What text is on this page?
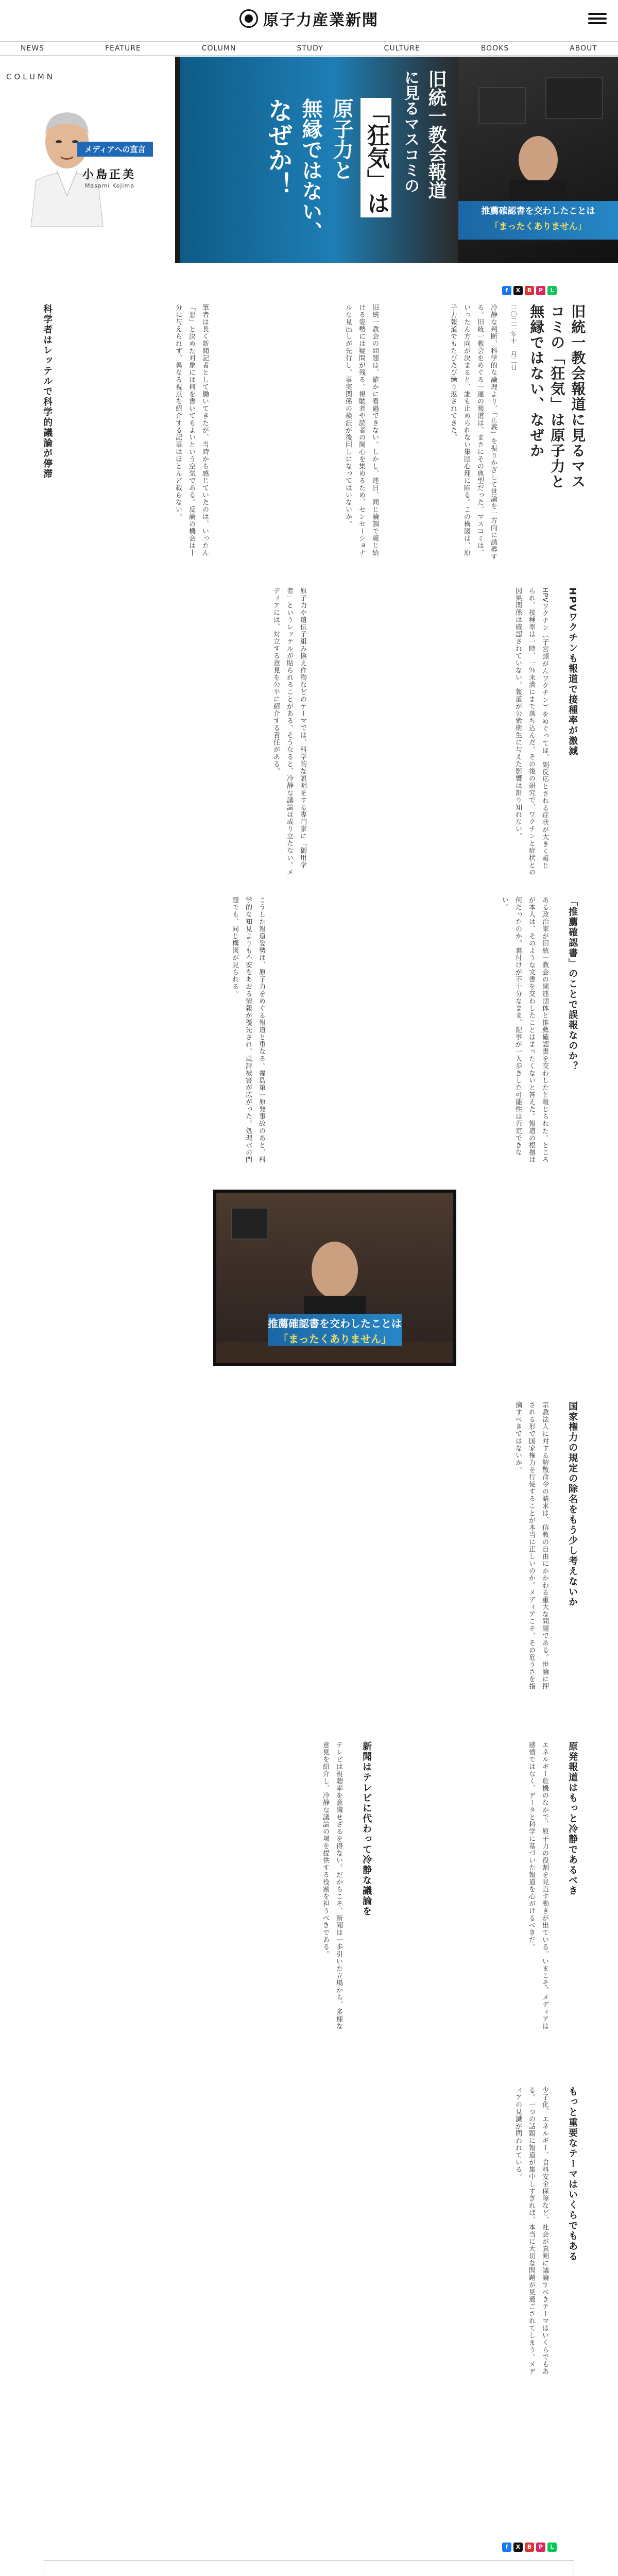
原子力産業新聞
NEWS	FEATURE	COLUMN	STUDY	CULTURE	BOOKS	ABOUT
COLUMN
メディアへの直言
小島正美
Masami Kojima	旧統一教会報道
に見るマスコミの
「狂気」は
原子力と
無縁ではない、
なぜか！
推薦確認書を交わしたことは
「まったくありません」
f	X	B	P	L
旧統一教会報道に見るマスコミの「狂気」は原子力と無縁ではない、なぜか
二〇二二年十一月二日

冷静な判断、科学的な論理より、「正義」を振りかざして世論を一方向に誘導する。旧統一教会をめぐる一連の報道は、まさにその典型だった。マスコミは、いったん方向が決まると、誰も止められない集団心理に陥る。この構図は、原子力報道でもたびたび繰り返されてきた。

旧統一教会の問題は、確かに看過できない。しかし、連日、同じ論調で報じ続ける姿勢には疑問が残る。視聴者や読者の関心を集めるため、センセーショナルな見出しが先行し、事実関係の検証が後回しになってはいないか。

筆者は長く新聞記者として働いてきたが、当時から感じていたのは、いったん「悪」と決めた対象には何を書いてもよいという空気である。反論の機会は十分に与えられず、異なる視点を紹介する記事はほとんど載らない。

科学者はレッテルで科学的議論が停滞
HPVワクチンも報道で接種率が激減

HPVワクチン（子宮頸がんワクチン）をめぐっては、副反応とされる症状が大きく報じられ、接種率は一時、一％未満にまで落ち込んだ。その後の研究で、ワクチンと症状との因果関係は確認されていない。報道が公衆衛生に与えた影響は計り知れない。

原子力や遺伝子組み換え作物などのテーマでは、科学的な説明をする専門家に「御用学者」というレッテルが貼られることがある。そうなると、冷静な議論は成り立たない。メディアには、対立する意見を公平に紹介する責任がある。

「推薦確認書」のことで誤報なのか？

ある政治家が旧統一教会の関連団体と推薦確認書を交わしたと報じられた。ところが本人は、そのような文書を交わしたことはまったくないと答えた。報道の根拠は何だったのか。裏付けが不十分なまま、記事が一人歩きした可能性は否定できない。

こうした報道姿勢は、原子力をめぐる報道と重なる。福島第一原発事故のあと、科学的な知見よりも不安をあおる情報が優先され、風評被害が広がった。処理水の問題でも、同じ構図が見られる。

推薦確認書を交わしたことは
「まったくありません」
国家権力の規定の除名をもう少し考えないか

宗教法人に対する解散命令の請求は、信教の自由にかかわる重大な問題である。世論に押される形で国家権力を行使することが本当に正しいのか。メディアこそ、その危うさを指摘すべきではないか。

原発報道はもっと冷静であるべき

エネルギー危機のなかで、原子力の役割を見直す動きが出ている。いまこそ、メディアは感情ではなく、データと科学に基づいた報道を心がけるべきだ。

新聞はテレビに代わって冷静な議論を

テレビは視聴率を意識せざるを得ない。だからこそ、新聞は一歩引いた立場から、多様な意見を紹介し、冷静な議論の場を提供する役割を担うべきである。

もっと重要なテーマはいくらでもある

少子化、エネルギー、食料安全保障など、社会が真剣に議論すべきテーマはいくらでもある。一つの話題に報道が集中しすぎれば、本当に大切な問題が見過ごされてしまう。メディアの見識が問われている。

f	X	B	P	L
